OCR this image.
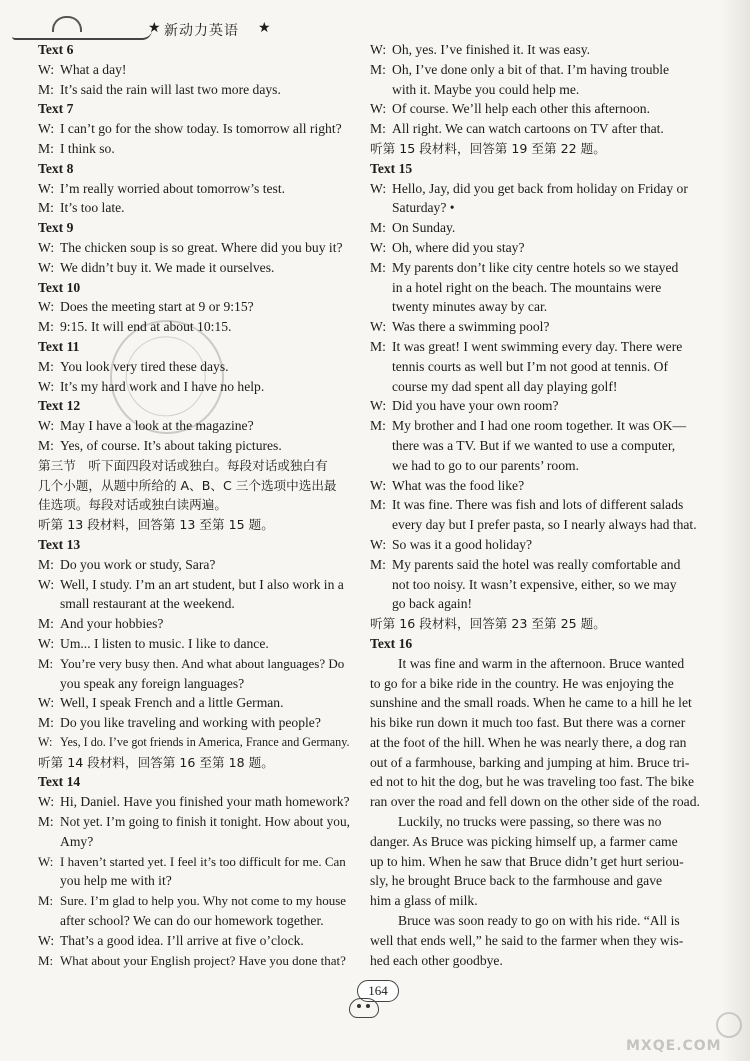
★ 新动力英语 ★
Text 6
W: What a day!
M: It’s said the rain will last two more days.
Text 7
W: I can’t go for the show today. Is tomorrow all right?
M: I think so.
Text 8
W: I’m really worried about tomorrow’s test.
M: It’s too late.
Text 9
W: The chicken soup is so great. Where did you buy it?
W: We didn’t buy it. We made it ourselves.
Text 10
W: Does the meeting start at 9 or 9:15?
M: 9:15. It will end at about 10:15.
Text 11
M: You look very tired these days.
W: It’s my hard work and I have no help.
Text 12
W: May I have a look at the magazine?
M: Yes, of course. It’s about taking pictures.
第三节　听下面四段对话或独白。每段对话或独白有
几个小题，从题中所给的 A、B、C 三个选项中选出最
佳选项。每段对话或独白读两遍。
听第 13 段材料，回答第 13 至第 15 题。
Text 13
M: Do you work or study, Sara?
W: Well, I study. I’m an art student, but I also work in a
small restaurant at the weekend.
M: And your hobbies?
W: Um... I listen to music. I like to dance.
M: You’re very busy then. And what about languages? Do
you speak any foreign languages?
W: Well, I speak French and a little German.
M: Do you like traveling and working with people?
W: Yes, I do. I’ve got friends in America, France and Germany.
听第 14 段材料，回答第 16 至第 18 题。
Text 14
W: Hi, Daniel. Have you finished your math homework?
M: Not yet. I’m going to finish it tonight. How about you,
Amy?
W: I haven’t started yet. I feel it’s too difficult for me. Can
you help me with it?
M: Sure. I’m glad to help you. Why not come to my house
after school? We can do our homework together.
W: That’s a good idea. I’ll arrive at five o’clock.
M: What about your English project? Have you done that?
W: Oh, yes. I’ve finished it. It was easy.
M: Oh, I’ve done only a bit of that. I’m having trouble
with it. Maybe you could help me.
W: Of course. We’ll help each other this afternoon.
M: All right. We can watch cartoons on TV after that.
听第 15 段材料，回答第 19 至第 22 题。
Text 15
W: Hello, Jay, did you get back from holiday on Friday or
Saturday? •
M: On Sunday.
W: Oh, where did you stay?
M: My parents don’t like city centre hotels so we stayed
in a hotel right on the beach. The mountains were
twenty minutes away by car.
W: Was there a swimming pool?
M: It was great! I went swimming every day. There were
tennis courts as well but I’m not good at tennis. Of
course my dad spent all day playing golf!
W: Did you have your own room?
M: My brother and I had one room together. It was OK—
there was a TV. But if we wanted to use a computer,
we had to go to our parents’ room.
W: What was the food like?
M: It was fine. There was fish and lots of different salads
every day but I prefer pasta, so I nearly always had that.
W: So was it a good holiday?
M: My parents said the hotel was really comfortable and
not too noisy. It wasn’t expensive, either, so we may
go back again!
听第 16 段材料，回答第 23 至第 25 题。
Text 16
It was fine and warm in the afternoon. Bruce wanted
to go for a bike ride in the country. He was enjoying the
sunshine and the small roads. When he came to a hill he let
his bike run down it much too fast. But there was a corner
at the foot of the hill. When he was nearly there, a dog ran
out of a farmhouse, barking and jumping at him. Bruce tri-
ed not to hit the dog, but he was traveling too fast. The bike
ran over the road and fell down on the other side of the road.
Luckily, no trucks were passing, so there was no
danger. As Bruce was picking himself up, a farmer came
up to him. When he saw that Bruce didn’t get hurt seriou-
sly, he brought Bruce back to the farmhouse and gave
him a glass of milk.
Bruce was soon ready to go on with his ride. “All is
well that ends well,” he said to the farmer when they wis-
hed each other goodbye.
164
MXQE.COM
